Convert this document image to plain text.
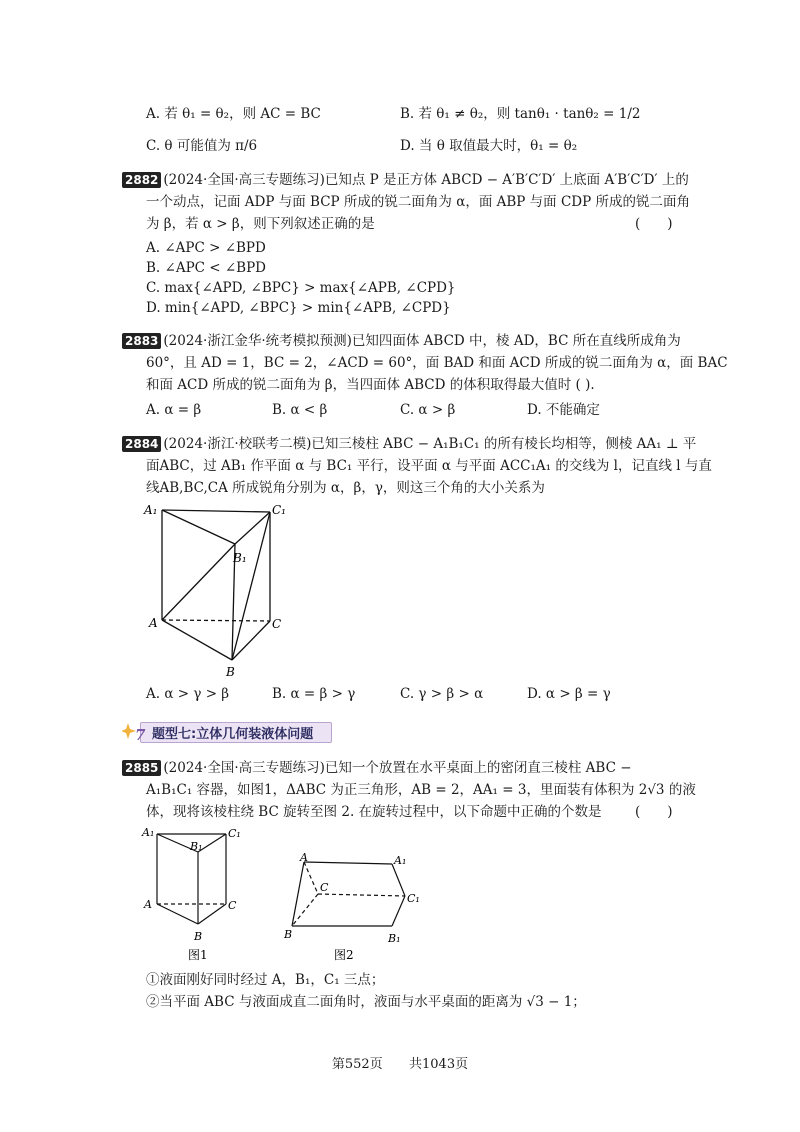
A. 若 θ₁ = θ₂，则 AC = BC	B. 若 θ₁ ≠ θ₂，则 tanθ₁ · tanθ₂ = 1/2
C. θ 可能值为 π/6	D. 当 θ 取值最大时，θ₁ = θ₂
2882 (2024·全国·高三专题练习)已知点 P 是正方体 ABCD − A′B′C′D′ 上底面 A′B′C′D′ 上的
一个动点，记面 ADP 与面 BCP 所成的锐二面角为 α，面 ABP 与面 CDP 所成的锐二面角
为 β，若 α > β，则下列叙述正确的是	(　　)
A. ∠APC > ∠BPD
B. ∠APC < ∠BPD
C. max{∠APD, ∠BPC} > max{∠APB, ∠CPD}
D. min{∠APD, ∠BPC} > min{∠APB, ∠CPD}
2883 (2024·浙江金华·统考模拟预测)已知四面体 ABCD 中，棱 AD，BC 所在直线所成角为
60°，且 AD = 1，BC = 2，∠ACD = 60°，面 BAD 和面 ACD 所成的锐二面角为 α，面 BAC
和面 ACD 所成的锐二面角为 β，当四面体 ABCD 的体积取得最大值时 ( ).
A. α = β	B. α < β	C. α > β	D. 不能确定
2884 (2024·浙江·校联考二模)已知三棱柱 ABC − A₁B₁C₁ 的所有棱长均相等，侧棱 AA₁ ⊥ 平
面ABC，过 AB₁ 作平面 α 与 BC₁ 平行，设平面 α 与平面 ACC₁A₁ 的交线为 l，记直线 l 与直
线AB,BC,CA 所成锐角分别为 α，β，γ，则这三个角的大小关系为
A₁	C₁
B₁
A	C
B
A. α > γ > β	B. α = β > γ	C. γ > β > α	D. α > β = γ
7 题型七:立体几何装液体问题
2885 (2024·全国·高三专题练习)已知一个放置在水平桌面上的密闭直三棱柱 ABC −
A₁B₁C₁ 容器，如图1，ΔABC 为正三角形，AB = 2，AA₁ = 3，里面装有体积为 2√3 的液
体，现将该棱柱绕 BC 旋转至图 2. 在旋转过程中，以下命题中正确的个数是 (　　)
A₁	C₁
B₁
A	C
B
图1
A	A₁
C
C₁
B	B₁
图2
①液面刚好同时经过 A，B₁，C₁ 三点；
②当平面 ABC 与液面成直二面角时，液面与水平桌面的距离为 √3 − 1；
第552页 共1043页
